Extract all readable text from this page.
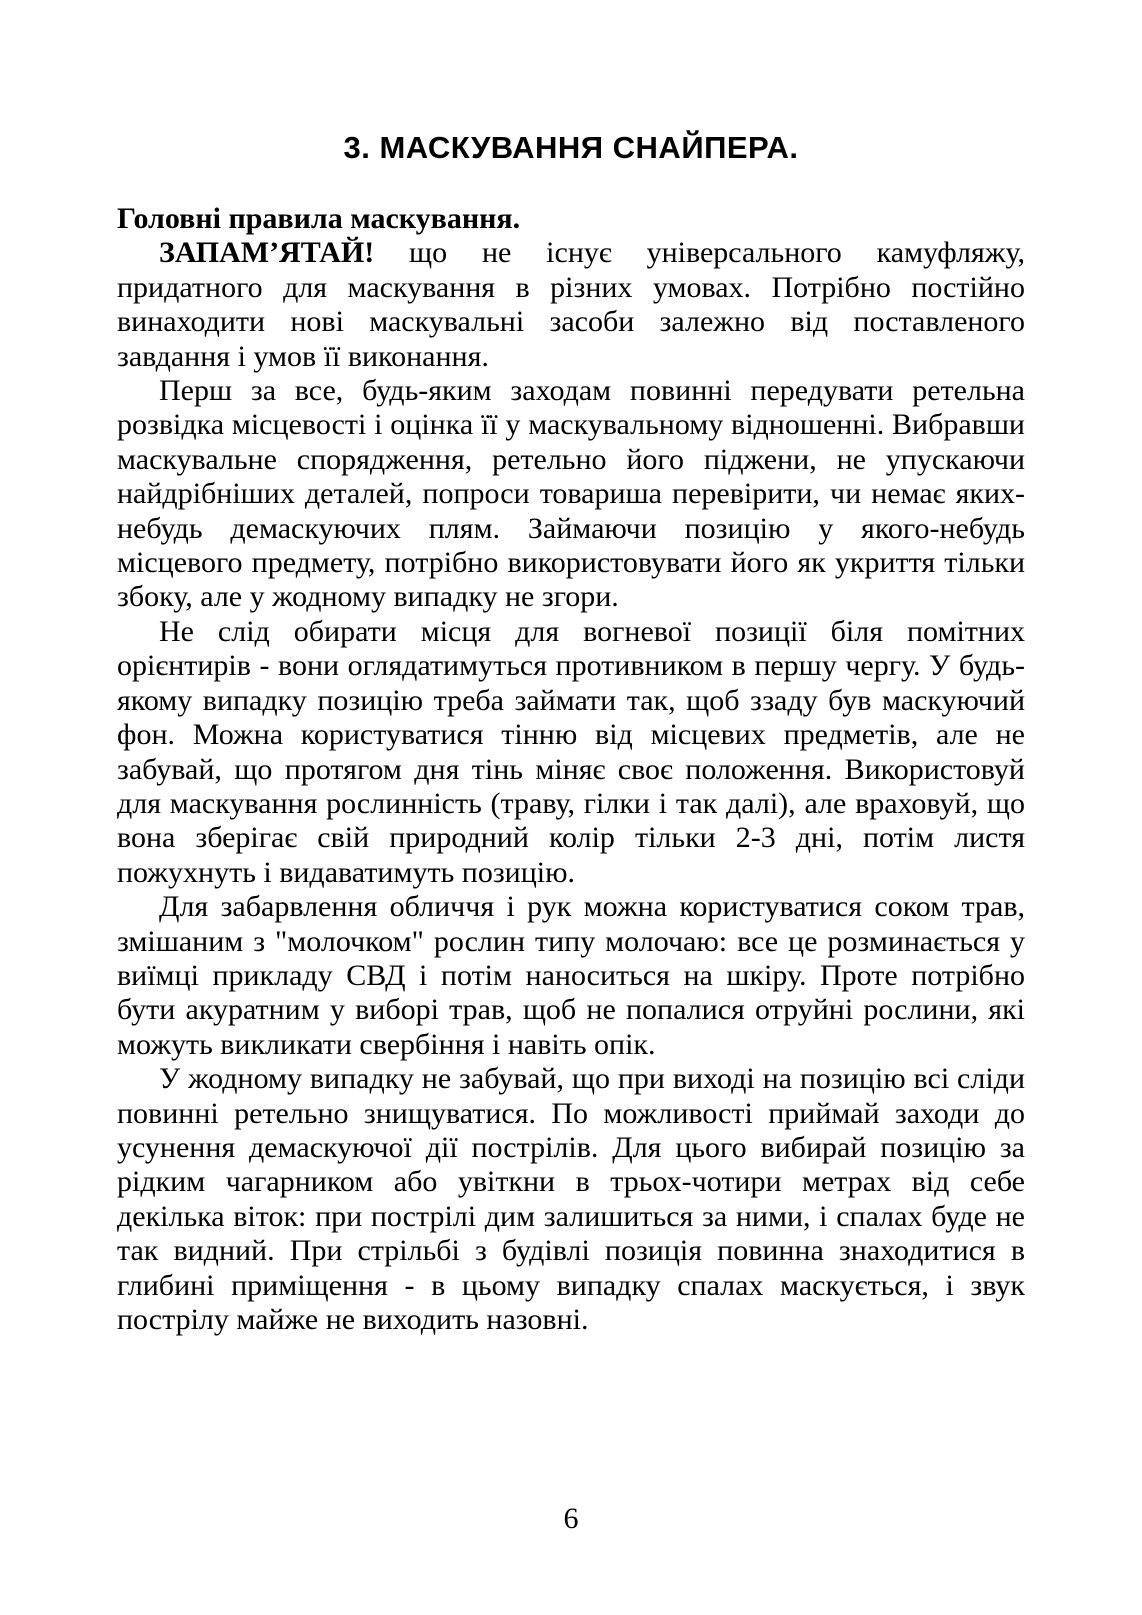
3. МАСКУВАННЯ СНАЙПЕРА.
Головні правила маскування.

ЗАПАМ’ЯТАЙ! що не існує універсального камуфляжу, придатного для маскування в різних умовах. Потрібно постійно винаходити нові маскувальні засоби залежно від поставленого завдання і умов її виконання.

Перш за все, будь-яким заходам повинні передувати ретельна розвідка місцевості і оцінка її у маскувальному відношенні. Вибравши маскувальне спорядження, ретельно його піджени, не упускаючи найдрібніших деталей, попроси товариша перевірити, чи немає яких-небудь демаскуючих плям. Займаючи позицію у якого-небудь місцевого предмету, потрібно використовувати його як укриття тільки збоку, але у жодному випадку не згори.

Не слід обирати місця для вогневої позиції біля помітних орієнтирів - вони оглядатимуться противником в першу чергу. У будь-якому випадку позицію треба займати так, щоб ззаду був маскуючий фон. Можна користуватися тінню від місцевих предметів, але не забувай, що протягом дня тінь міняє своє положення. Використовуй для маскування рослинність (траву, гілки і так далі), але враховуй, що вона зберігає свій природний колір тільки 2-3 дні, потім листя пожухнуть і видаватимуть позицію.

Для забарвлення обличчя і рук можна користуватися соком трав, змішаним з "молочком" рослин типу молочаю: все це розминається у виїмці прикладу СВД і потім наноситься на шкіру. Проте потрібно бути акуратним у виборі трав, щоб не попалися отруйні рослини, які можуть викликати свербіння і навіть опік.

У жодному випадку не забувай, що при виході на позицію всі сліди повинні ретельно знищуватися. По можливості приймай заходи до усунення демаскуючої дії пострілів. Для цього вибирай позицію за рідким чагарником або увіткни в трьох-чотири метрах від себе декілька віток: при пострілі дим залишиться за ними, і спалах буде не так видний. При стрільбі з будівлі позиція повинна знаходитися в глибині приміщення - в цьому випадку спалах маскується, і звук пострілу майже не виходить назовні.

6
